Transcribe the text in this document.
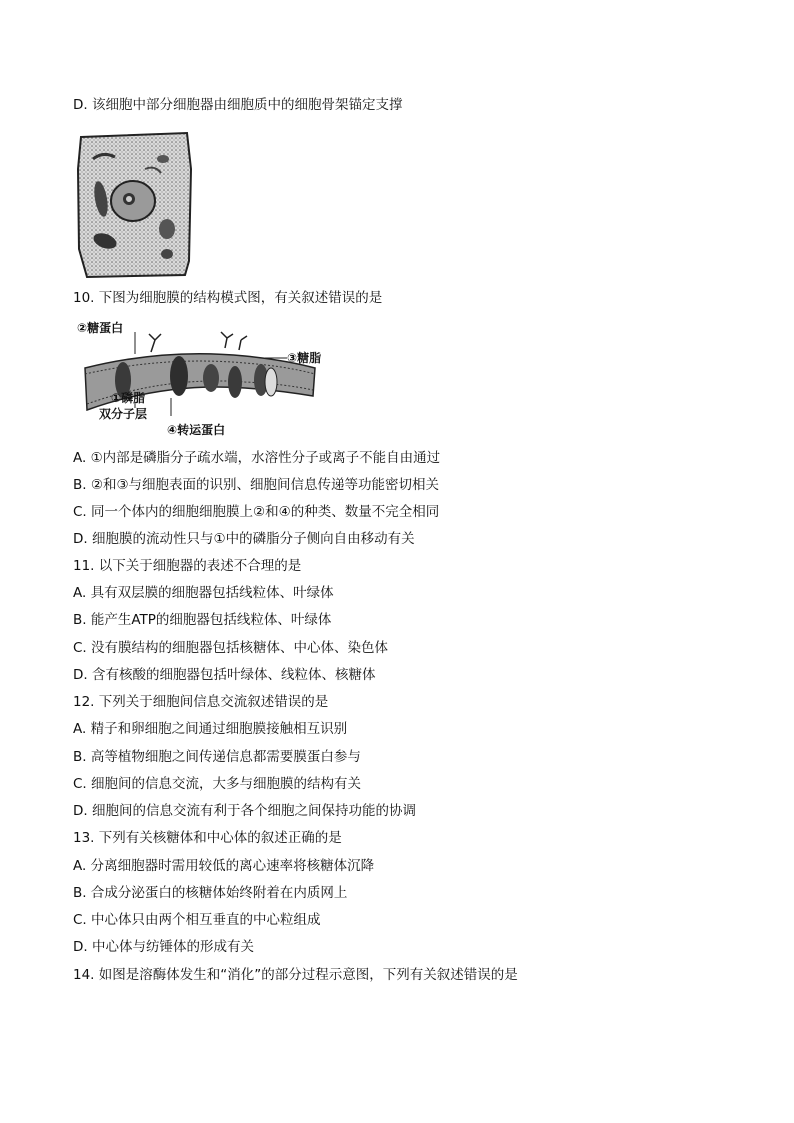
D. 该细胞中部分细胞器由细胞质中的细胞骨架锚定支撑
10. 下图为细胞膜的结构模式图，有关叙述错误的是
②糖蛋白
③糖脂
①磷脂
双分子层
④转运蛋白
A. ①内部是磷脂分子疏水端，水溶性分子或离子不能自由通过
B. ②和③与细胞表面的识别、细胞间信息传递等功能密切相关
C. 同一个体内的细胞细胞膜上②和④的种类、数量不完全相同
D. 细胞膜的流动性只与①中的磷脂分子侧向自由移动有关
11. 以下关于细胞器的表述不合理的是
A. 具有双层膜的细胞器包括线粒体、叶绿体
B. 能产生ATP的细胞器包括线粒体、叶绿体
C. 没有膜结构的细胞器包括核糖体、中心体、染色体
D. 含有核酸的细胞器包括叶绿体、线粒体、核糖体
12. 下列关于细胞间信息交流叙述错误的是
A. 精子和卵细胞之间通过细胞膜接触相互识别
B. 高等植物细胞之间传递信息都需要膜蛋白参与
C. 细胞间的信息交流，大多与细胞膜的结构有关
D. 细胞间的信息交流有利于各个细胞之间保持功能的协调
13. 下列有关核糖体和中心体的叙述正确的是
A. 分离细胞器时需用较低的离心速率将核糖体沉降
B. 合成分泌蛋白的核糖体始终附着在内质网上
C. 中心体只由两个相互垂直的中心粒组成
D. 中心体与纺锤体的形成有关
14. 如图是溶酶体发生和“消化”的部分过程示意图，下列有关叙述错误的是
